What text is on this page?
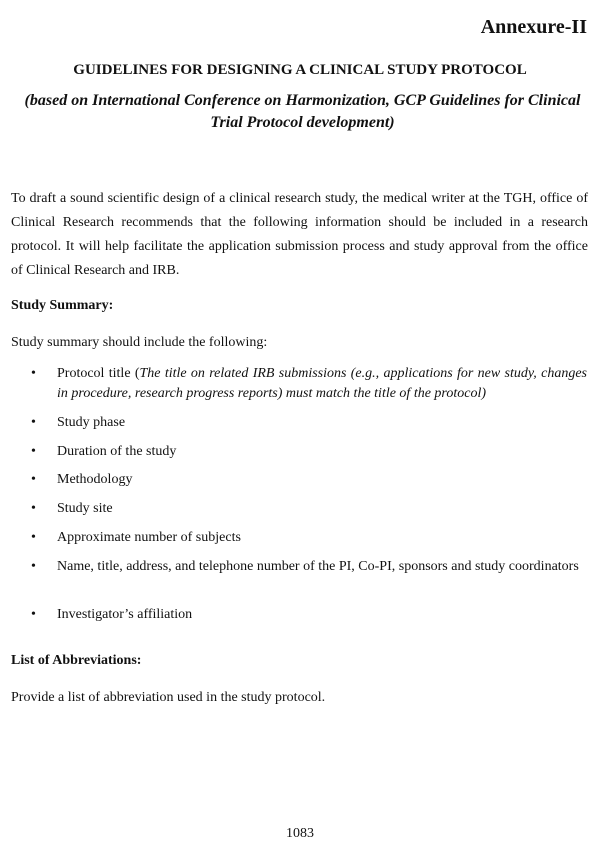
Annexure-II
GUIDELINES FOR DESIGNING A CLINICAL STUDY PROTOCOL
(based on International Conference on Harmonization, GCP Guidelines for Clinical Trial Protocol development)
To draft a sound scientific design of a clinical research study, the medical writer at the TGH, office of Clinical Research recommends that the following information should be included in a research protocol. It will help facilitate the application submission process and study approval from the office of Clinical Research and IRB.
Study Summary:
Study summary should include the following:
• Protocol title (The title on related IRB submissions (e.g., applications for new study, changes in procedure, research progress reports) must match the title of the protocol)
• Study phase
• Duration of the study
• Methodology
• Study site
• Approximate number of subjects
• Name, title, address, and telephone number of the PI, Co-PI, sponsors and study coordinators
• Investigator’s affiliation
List of Abbreviations:
Provide a list of abbreviation used in the study protocol.
1083
